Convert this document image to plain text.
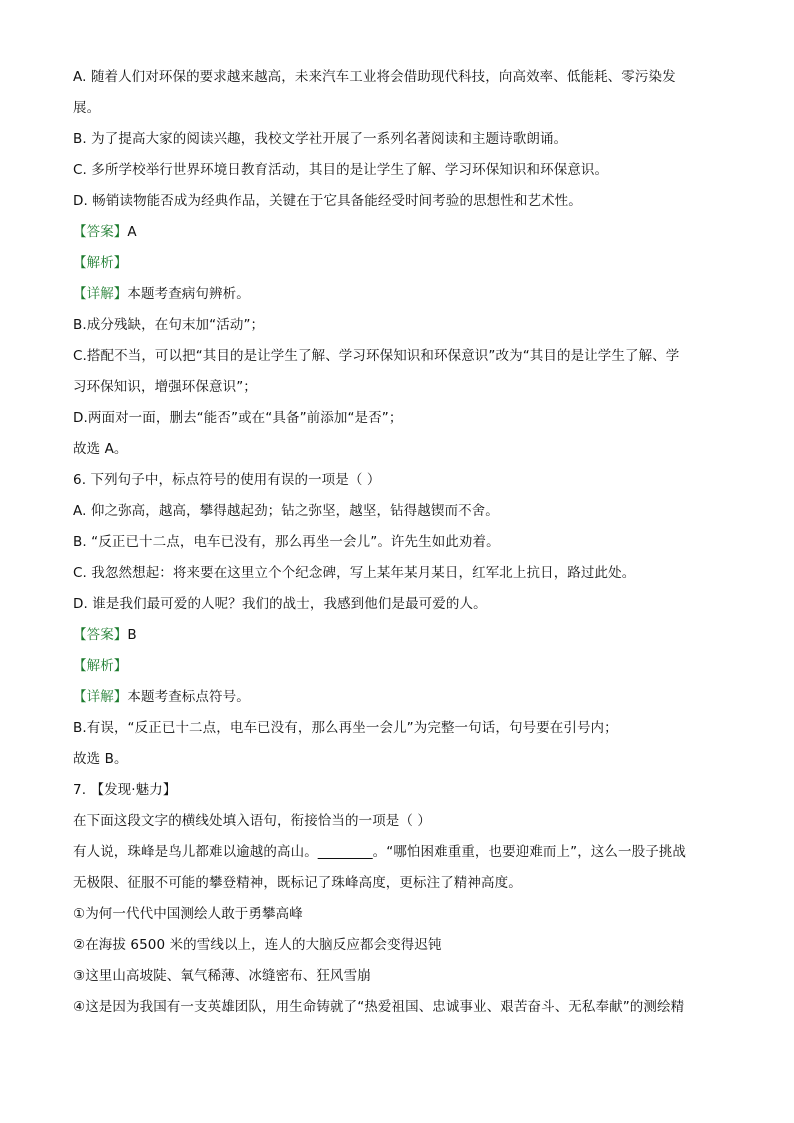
A. 随着人们对环保的要求越来越高，未来汽车工业将会借助现代科技，向高效率、低能耗、零污染发
展。
B. 为了提高大家的阅读兴趣，我校文学社开展了一系列名著阅读和主题诗歌朗诵。
C. 多所学校举行世界环境日教育活动，其目的是让学生了解、学习环保知识和环保意识。
D. 畅销读物能否成为经典作品，关键在于它具备能经受时间考验的思想性和艺术性。
【答案】A
【解析】
【详解】本题考查病句辨析。
B.成分残缺，在句末加“活动”；
C.搭配不当，可以把“其目的是让学生了解、学习环保知识和环保意识”改为“其目的是让学生了解、学
习环保知识，增强环保意识”；
D.两面对一面，删去“能否”或在“具备”前添加“是否”；
故选 A。
6. 下列句子中，标点符号的使用有误的一项是（ ）
A. 仰之弥高，越高，攀得越起劲；钻之弥坚，越坚，钻得越锲而不舍。
B. “反正已十二点，电车已没有，那么再坐一会儿”。许先生如此劝着。
C. 我忽然想起：将来要在这里立个个纪念碑，写上某年某月某日，红军北上抗日，路过此处。
D. 谁是我们最可爱的人呢？我们的战士，我感到他们是最可爱的人。
【答案】B
【解析】
【详解】本题考查标点符号。
B.有误，“反正已十二点，电车已没有，那么再坐一会儿”为完整一句话，句号要在引号内；
故选 B。
7. 【发现·魅力】
在下面这段文字的横线处填入语句，衔接恰当的一项是（ ）
有人说，珠峰是鸟儿都难以逾越的高山。________。“哪怕困难重重，也要迎难而上”，这么一股子挑战
无极限、征服不可能的攀登精神，既标记了珠峰高度，更标注了精神高度。
①为何一代代中国测绘人敢于勇攀高峰
②在海拔 6500 米的雪线以上，连人的大脑反应都会变得迟钝
③这里山高坡陡、氧气稀薄、冰缝密布、狂风雪崩
④这是因为我国有一支英雄团队，用生命铸就了“热爱祖国、忠诚事业、艰苦奋斗、无私奉献”的测绘精
